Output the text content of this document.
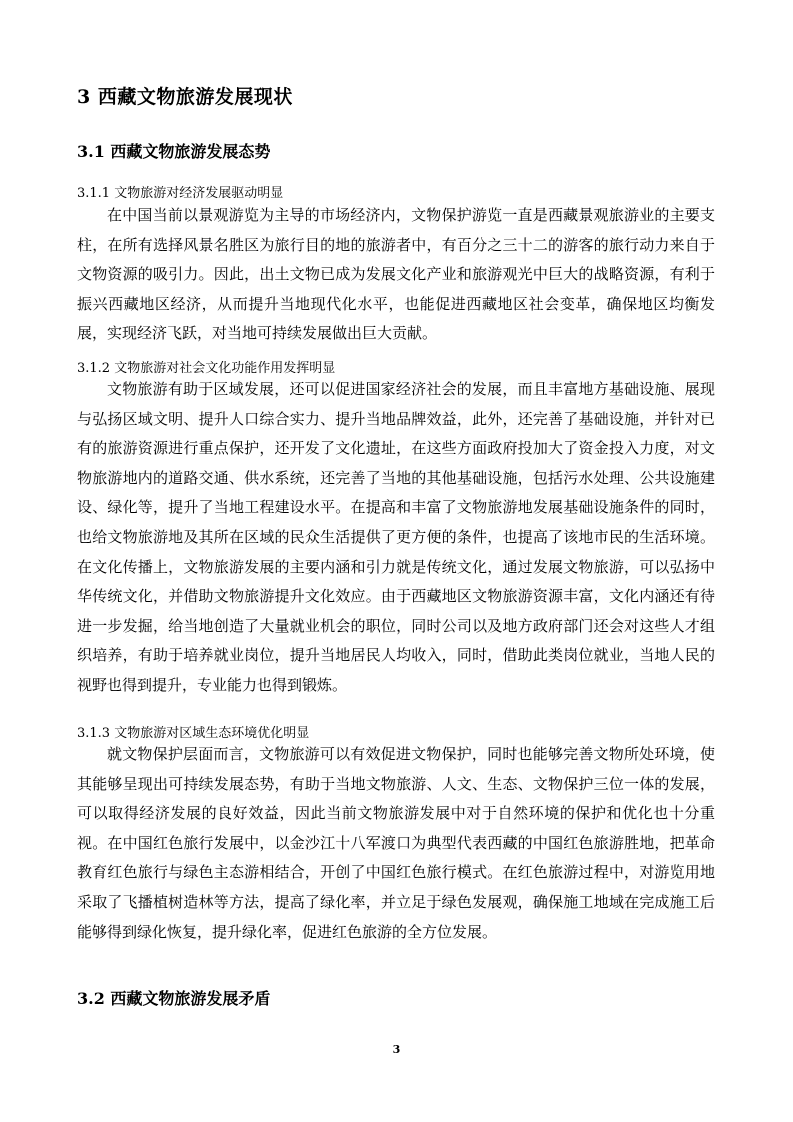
3 西藏文物旅游发展现状
3.1 西藏文物旅游发展态势
3.1.1 文物旅游对经济发展驱动明显

在中国当前以景观游览为主导的市场经济内，文物保护游览一直是西藏景观旅游业的主要支柱，在所有选择风景名胜区为旅行目的地的旅游者中，有百分之三十二的游客的旅行动力来自于文物资源的吸引力。因此，出土文物已成为发展文化产业和旅游观光中巨大的战略资源，有利于振兴西藏地区经济，从而提升当地现代化水平，也能促进西藏地区社会变革，确保地区均衡发展，实现经济飞跃，对当地可持续发展做出巨大贡献。

3.1.2 文物旅游对社会文化功能作用发挥明显

文物旅游有助于区域发展，还可以促进国家经济社会的发展，而且丰富地方基础设施、展现与弘扬区域文明、提升人口综合实力、提升当地品牌效益，此外，还完善了基础设施，并针对已有的旅游资源进行重点保护，还开发了文化遗址，在这些方面政府投加大了资金投入力度，对文物旅游地内的道路交通、供水系统，还完善了当地的其他基础设施，包括污水处理、公共设施建设、绿化等，提升了当地工程建设水平。在提高和丰富了文物旅游地发展基础设施条件的同时，也给文物旅游地及其所在区域的民众生活提供了更方便的条件，也提高了该地市民的生活环境。在文化传播上，文物旅游发展的主要内涵和引力就是传统文化，通过发展文物旅游，可以弘扬中华传统文化，并借助文物旅游提升文化效应。由于西藏地区文物旅游资源丰富，文化内涵还有待进一步发掘，给当地创造了大量就业机会的职位，同时公司以及地方政府部门还会对这些人才组织培养，有助于培养就业岗位，提升当地居民人均收入，同时，借助此类岗位就业，当地人民的视野也得到提升，专业能力也得到锻炼。

3.1.3 文物旅游对区域生态环境优化明显

就文物保护层面而言，文物旅游可以有效促进文物保护，同时也能够完善文物所处环境，使其能够呈现出可持续发展态势，有助于当地文物旅游、人文、生态、文物保护三位一体的发展，可以取得经济发展的良好效益，因此当前文物旅游发展中对于自然环境的保护和优化也十分重视。在中国红色旅行发展中，以金沙江十八军渡口为典型代表西藏的中国红色旅游胜地，把革命教育红色旅行与绿色主态游相结合，开创了中国红色旅行模式。在红色旅游过程中，对游览用地采取了飞播植树造林等方法，提高了绿化率，并立足于绿色发展观，确保施工地域在完成施工后能够得到绿化恢复，提升绿化率，促进红色旅游的全方位发展。

3.2 西藏文物旅游发展矛盾
3
